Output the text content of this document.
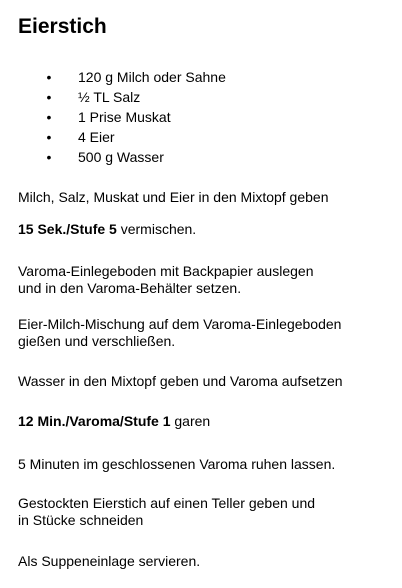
Eierstich
• 120 g Milch oder Sahne
• ½ TL Salz
• 1 Prise Muskat
• 4 Eier
• 500 g Wasser
Milch, Salz, Muskat und Eier in den Mixtopf geben
15 Sek./Stufe 5 vermischen.
Varoma-Einlegeboden mit Backpapier auslegen
und in den Varoma-Behälter setzen.
Eier-Milch-Mischung auf dem Varoma-Einlegeboden
gießen und verschließen.
Wasser in den Mixtopf geben und Varoma aufsetzen
12 Min./Varoma/Stufe 1 garen
5 Minuten im geschlossenen Varoma ruhen lassen.
Gestockten Eierstich auf einen Teller geben und
in Stücke schneiden
Als Suppeneinlage servieren.
